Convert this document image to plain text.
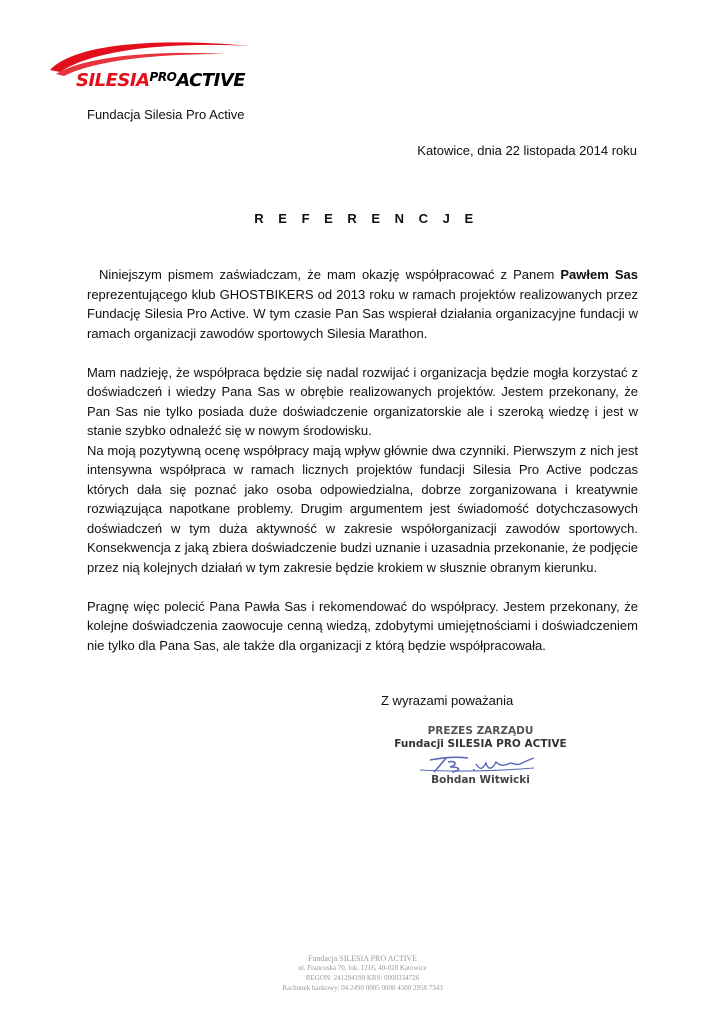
$SILESIA^{PRO}ACTIVE$
Fundacja Silesia Pro Active
Katowice, dnia 22 listopada 2014 roku
R E F E R E N C J E

Niniejszym pismem zaświadczam, że mam okazję współpracować z Panem Pawłem Sas reprezentującego klub GHOSTBIKERS od 2013 roku w ramach projektów realizowanych przez Fundację Silesia Pro Active. W tym czasie Pan Sas wspierał działania organizacyjne fundacji w ramach organizacji zawodów sportowych Silesia Marathon.

Mam nadzieję, że współpraca będzie się nadal rozwijać i organizacja będzie mogła korzystać z doświadczeń i wiedzy Pana Sas w obrębie realizowanych projektów. Jestem przekonany, że Pan Sas nie tylko posiada duże doświadczenie organizatorskie ale i szeroką wiedzę i jest w stanie szybko odnaleźć się w nowym środowisku.

Na moją pozytywną ocenę współpracy mają wpływ głównie dwa czynniki. Pierwszym z nich jest intensywna współpraca w ramach licznych projektów fundacji Silesia Pro Active podczas których dała się poznać jako osoba odpowiedzialna, dobrze zorganizowana i kreatywnie rozwiązująca napotkane problemy. Drugim argumentem jest świadomość dotychczasowych doświadczeń w tym duża aktywność w zakresie współorganizacji zawodów sportowych. Konsekwencja z jaką zbiera doświadczenie budzi uznanie i uzasadnia przekonanie, że podjęcie przez nią kolejnych działań w tym zakresie będzie krokiem w słusznie obranym kierunku.

Pragnę więc polecić Pana Pawła Sas i rekomendować do współpracy. Jestem przekonany, że kolejne doświadczenia zaowocuje cenną wiedzą, zdobytymi umiejętnościami i doświadczeniem nie tylko dla Pana Sas, ale także dla organizacji z którą będzie współpracowała.

Z wyrazami poważania
PREZES ZARZĄDU
Fundacji SILESIA PRO ACTIVE
Bohdan Witwicki
Fundacja SILESIA PRO ACTIVE
ul. Francuska 70, lok. 1216, 40-028 Katowice
REGON: 241294199 KRS: 0000334726
Rachunek bankowy: 04 2490 0005 0000 4500 2958 7343
